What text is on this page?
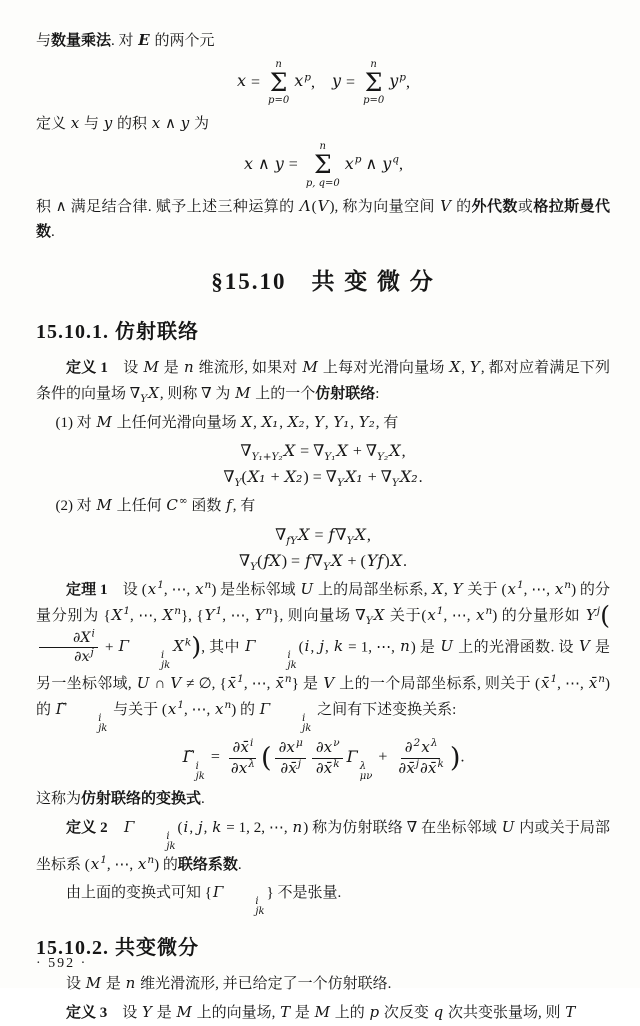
与数量乘法. 对 E 的两个元

x =
n
Σ
p=0
$x^p$,　y =
n
Σ
p=0
$y^p$,

定义 x 与 y 的积 x ∧ y 为

x ∧ y =
n
Σ
p, q=0
$x^p$ ∧ $y^q$,

积 ∧ 满足结合律. 赋予上述三种运算的 Λ(V), 称为向量空间 V 的外代数或格拉斯曼代数.

§15.10　共 变 微 分
15.10.1. 仿射联络

定义 1　设 M 是 n 维流形, 如果对 M 上每对光滑向量场 X, Y, 都对应着满足下列条件的向量场 $\nabla_YX$, 则称 ∇ 为 M 上的一个仿射联络:

(1) 对 M 上任何光滑向量场 X, X₁, X₂, Y, Y₁, Y₂, 有

$\nabla_{Y_1+Y_2}X = \nabla_{Y_1}X + \nabla_{Y_2}X$,
$\nabla_Y(X_1 + X_2) = \nabla_YX_1 + \nabla_YX_2$.

(2) 对 M 上任何 C∞ 函数 f, 有

$\nabla_{fY}X = f\nabla_YX$,
$\nabla_Y(fX) = f\nabla_YX + (Yf)X$.

定理 1　设 ($x^1$, ⋯, $x^n$) 是坐标邻域 U 上的局部坐标系, X, Y 关于 ($x^1$, ⋯, $x^n$) 的分量分别为 {$X^1$, ⋯, $X^n$}, {$Y^1$, ⋯, $Y^n$}, 则向量场 $\nabla_YX$ 关于($x^1$, ⋯, $x^n$) 的分量形如 $Y^j$(
$\frac{\partial X^i}{\partial x^j} + \Gamma$
i
jk
$X^k$), 其中 Γ
i
jk
(i, j, k = 1, ⋯, n) 是 U 上的光滑函数. 设 V 是另一坐标邻域, U ∩ V ≠ ∅, {x̄$^1$, ⋯, x̄$^n$} 是 V 上的一个局部坐标系, 则关于 (x̄$^1$, ⋯, x̄$^n$) 的 Γ̃
i
jk
与关于 ($x^1$, ⋯, $x^n$) 的 Γ
i
jk
之间有下述变换关系:

Γ̃
i
jk
= $\frac{\partial x̄^i}{\partial x^\lambda}$ ( $\frac{\partial x^\mu}{\partial x̄^j} \frac{\partial x^\nu}{\partial x̄^k}$ Γ
λ
μν
+ $\frac{\partial^2x^\lambda}{\partial x̄^j\partial x̄^k}$ ).

这称为仿射联络的变换式.

定义 2　 Γ
i
jk
(i, j, k = 1, 2, ⋯, n) 称为仿射联络 ∇ 在坐标邻域 U 内或关于局部坐标系 ($x^1$, ⋯, $x^n$) 的联络系数.

由上面的变换式可知 {Γ
i
jk
} 不是张量.

15.10.2. 共变微分

设 M 是 n 维光滑流形, 并已给定了一个仿射联络.

定义 3　设 Y 是 M 上的向量场, T 是 M 上的 p 次反变 q 次共变张量场, 则 T

· 592 ·
